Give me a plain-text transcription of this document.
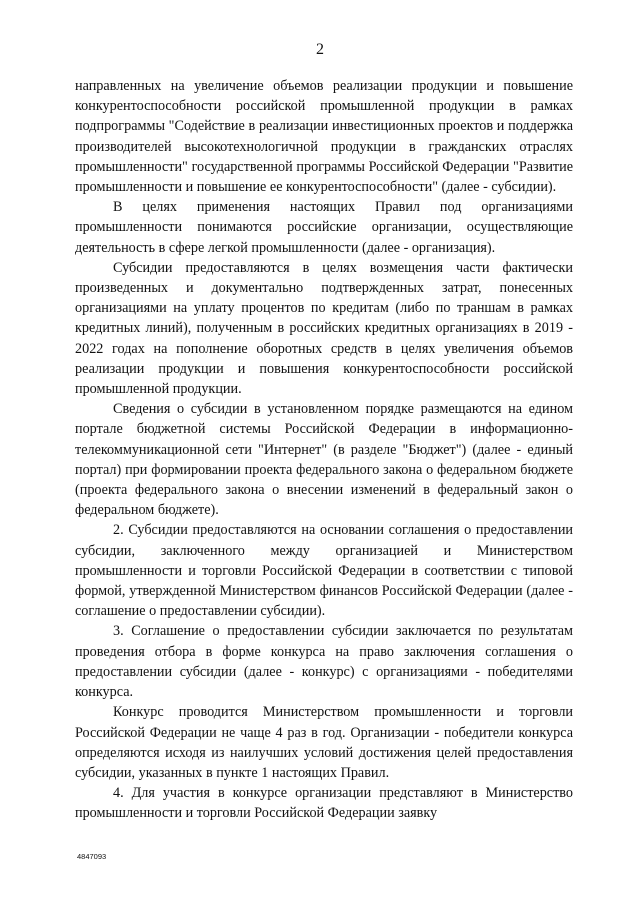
2

направленных на увеличение объемов реализации продукции и повышение конкурентоспособности российской промышленной продукции в рамках подпрограммы "Содействие в реализации инвестиционных проектов и поддержка производителей высокотехнологичной продукции в гражданских отраслях промышленности" государственной программы Российской Федерации "Развитие промышленности и повышение ее конкурентоспособности" (далее - субсидии).

В целях применения настоящих Правил под организациями промышленности понимаются российские организации, осуществляющие деятельность в сфере легкой промышленности (далее - организация).

Субсидии предоставляются в целях возмещения части фактически произведенных и документально подтвержденных затрат, понесенных организациями на уплату процентов по кредитам (либо по траншам в рамках кредитных линий), полученным в российских кредитных организациях в 2019 - 2022 годах на пополнение оборотных средств в целях увеличения объемов реализации продукции и повышения конкурентоспособности российской промышленной продукции.

Сведения о субсидии в установленном порядке размещаются на едином портале бюджетной системы Российской Федерации в информационно-телекоммуникационной сети "Интернет" (в разделе "Бюджет") (далее - единый портал) при формировании проекта федерального закона о федеральном бюджете (проекта федерального закона о внесении изменений в федеральный закон о федеральном бюджете).

2. Субсидии предоставляются на основании соглашения о предоставлении субсидии, заключенного между организацией и Министерством промышленности и торговли Российской Федерации в соответствии с типовой формой, утвержденной Министерством финансов Российской Федерации (далее - соглашение о предоставлении субсидии).

3. Соглашение о предоставлении субсидии заключается по результатам проведения отбора в форме конкурса на право заключения соглашения о предоставлении субсидии (далее - конкурс) с организациями - победителями конкурса.

Конкурс проводится Министерством промышленности и торговли Российской Федерации не чаще 4 раз в год. Организации - победители конкурса определяются исходя из наилучших условий достижения целей предоставления субсидии, указанных в пункте 1 настоящих Правил.

4. Для участия в конкурсе организации представляют в Министерство промышленности и торговли Российской Федерации заявку

4847093
